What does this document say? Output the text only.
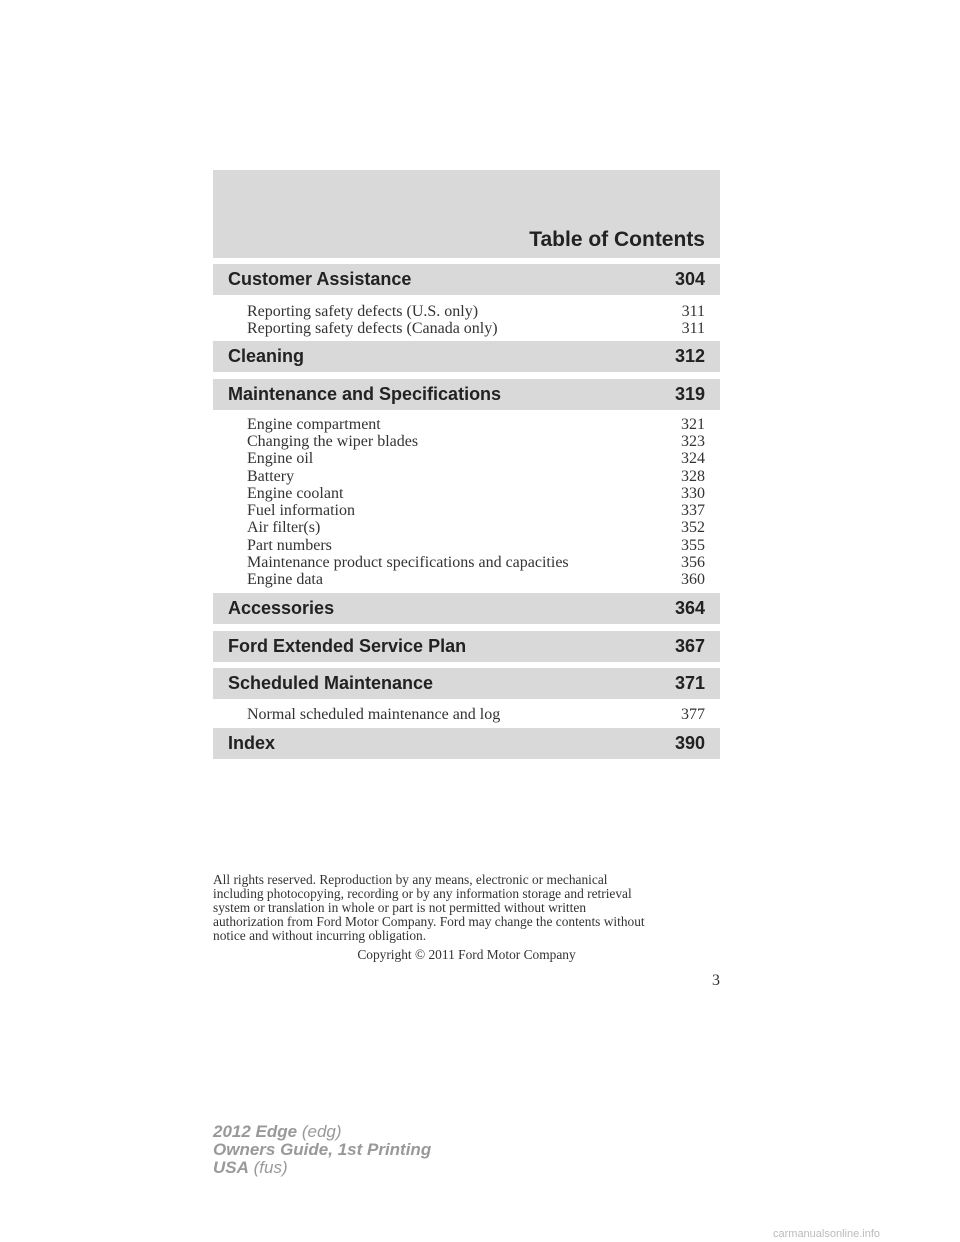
Table of Contents
Customer Assistance	304
Reporting safety defects (U.S. only)	311
Reporting safety defects (Canada only)	311
Cleaning	312
Maintenance and Specifications	319
Engine compartment	321
Changing the wiper blades	323
Engine oil	324
Battery	328
Engine coolant	330
Fuel information	337
Air filter(s)	352
Part numbers	355
Maintenance product specifications and capacities	356
Engine data	360
Accessories	364
Ford Extended Service Plan	367
Scheduled Maintenance	371
Normal scheduled maintenance and log	377
Index	390
All rights reserved. Reproduction by any means, electronic or mechanical
including photocopying, recording or by any information storage and retrieval
system or translation in whole or part is not permitted without written
authorization from Ford Motor Company. Ford may change the contents without
notice and without incurring obligation.
Copyright © 2011 Ford Motor Company
3
2012 Edge (edg)
Owners Guide, 1st Printing
USA (fus)
carmanualsonline.info
